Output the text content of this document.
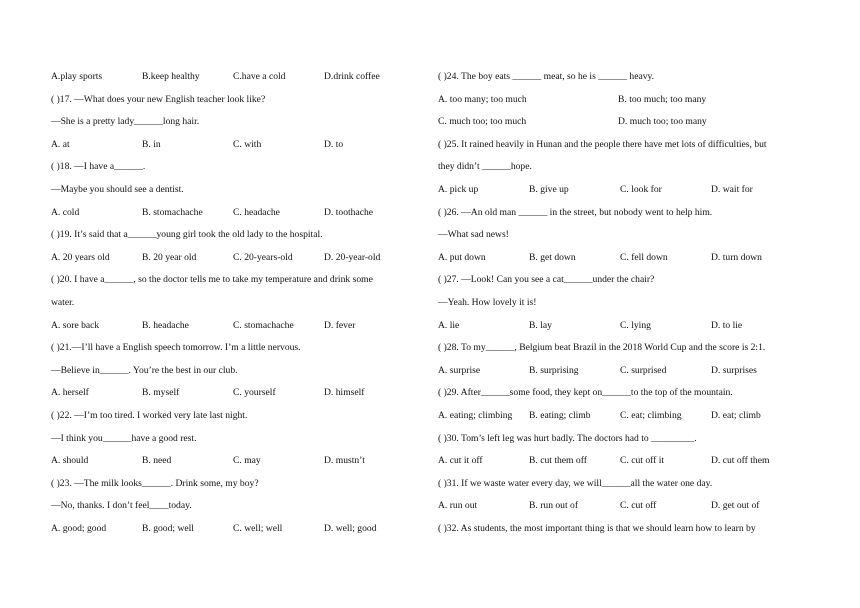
A.play sports	B.keep healthy	C.have a cold	D.drink coffee
( )17. —What does your new English teacher look like?
—She is a pretty lady______long hair.
A. at	B. in	C. with	D. to
( )18. —I have a______.
—Maybe you should see a dentist.
A. cold	B. stomachache	C. headache	D. toothache
( )19. It’s said that a______young girl took the old lady to the hospital.
A. 20 years old	B. 20 year old	C. 20-years-old	D. 20-year-old
( )20. I have a______, so the doctor tells me to take my temperature and drink some
water.
A. sore back	B. headache	C. stomachache	D. fever
( )21.—I’ll have a English speech tomorrow. I’m a little nervous.
—Believe in______. You’re the best in our club.
A. herself	B. myself	C. yourself	D. himself
( )22. —I’m too tired. I worked very late last night.
—I think you______have a good rest.
A. should	B. need	C. may	D. mustn’t
( )23. —The milk looks______. Drink some, my boy?
—No, thanks. I don’t feel____today.
A. good; good	B. good; well	C. well; well	D. well; good
( )24. The boy eats ______ meat, so he is ______ heavy.
A. too many; too much	B. too much; too many
C. much too; too much	D. much too; too many
( )25. It rained heavily in Hunan and the people there have met lots of difficulties, but
they didn’t ______hope.
A. pick up	B. give up	C. look for	D. wait for
( )26. —An old man ______ in the street, but nobody went to help him.
—What sad news!
A. put down	B. get down	C. fell down	D. turn down
( )27. —Look! Can you see a cat______under the chair?
—Yeah. How lovely it is!
A. lie	B. lay	C. lying	D. to lie
( )28. To my______, Belgium beat Brazil in the 2018 World Cup and the score is 2:1.
A. surprise	B. surprising	C. surprised	D. surprises
( )29. After______some food, they kept on______to the top of the mountain.
A. eating; climbing B. eating; climb	C. eat; climbing	D. eat; climb
( )30. Tom’s left leg was hurt badly. The doctors had to _________.
A. cut it off	B. cut them off	C. cut off it	D. cut off them
( )31. If we waste water every day, we will______all the water one day.
A. run out	B. run out of	C. cut off	D. get out of
( )32. As students, the most important thing is that we should learn how to learn by
